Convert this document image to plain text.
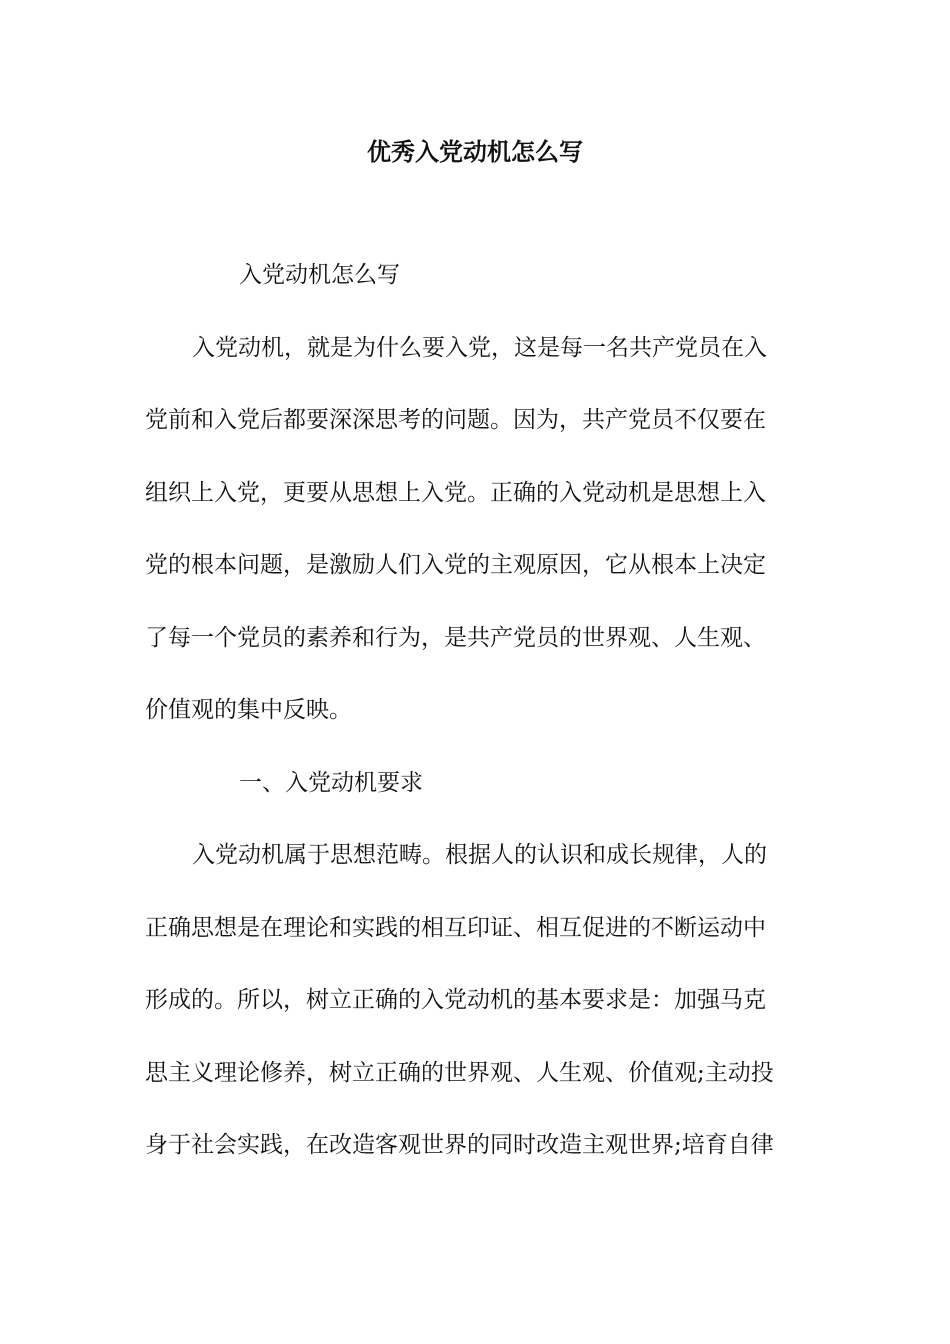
优秀入党动机怎么写
入党动机怎么写
入党动机，就是为什么要入党，这是每一名共产党员在入
党前和入党后都要深深思考的问题。因为，共产党员不仅要在
组织上入党，更要从思想上入党。正确的入党动机是思想上入
党的根本问题，是激励人们入党的主观原因，它从根本上决定
了每一个党员的素养和行为，是共产党员的世界观、人生观、
价值观的集中反映。
一、入党动机要求
入党动机属于思想范畴。根据人的认识和成长规律，人的
正确思想是在理论和实践的相互印证、相互促进的不断运动中
形成的。所以，树立正确的入党动机的基本要求是：加强马克
思主义理论修养，树立正确的世界观、人生观、价值观;主动投
身于社会实践，在改造客观世界的同时改造主观世界;培育自律
